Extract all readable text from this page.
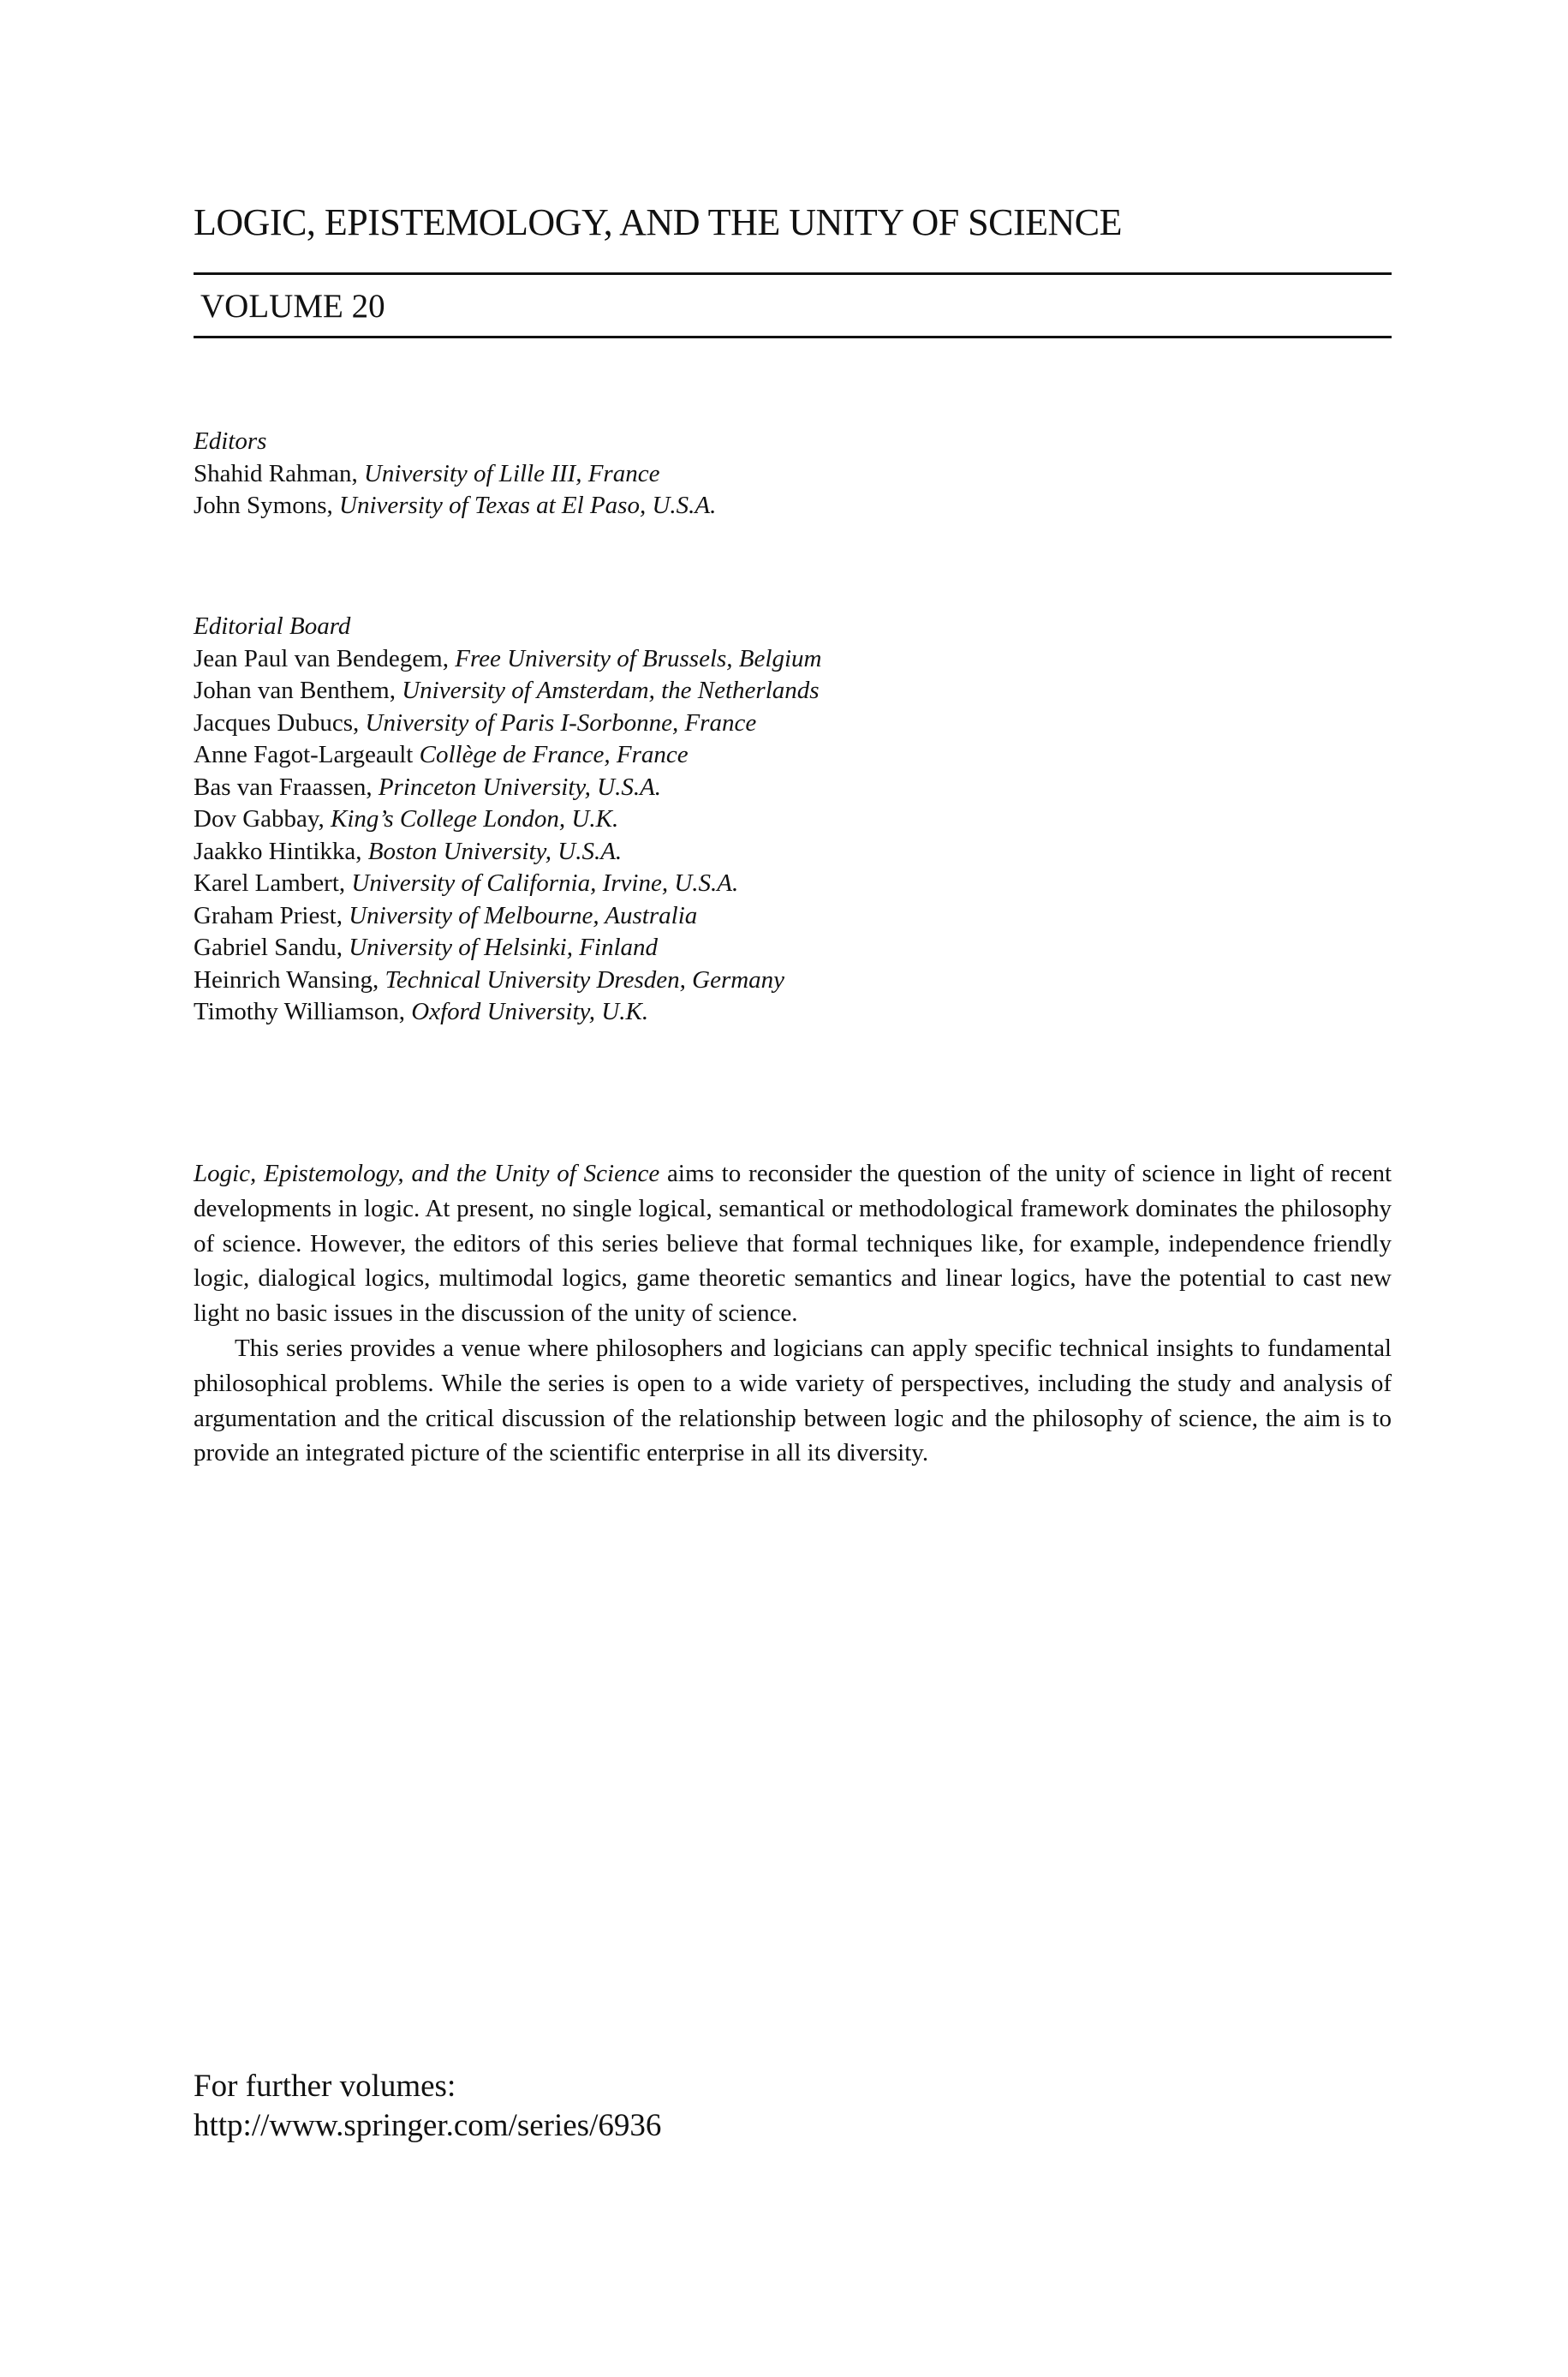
LOGIC, EPISTEMOLOGY, AND THE UNITY OF SCIENCE
VOLUME 20
Editors
Shahid Rahman, University of Lille III, France
John Symons, University of Texas at El Paso, U.S.A.
Editorial Board
Jean Paul van Bendegem, Free University of Brussels, Belgium
Johan van Benthem, University of Amsterdam, the Netherlands
Jacques Dubucs, University of Paris I-Sorbonne, France
Anne Fagot-Largeault Collège de France, France
Bas van Fraassen, Princeton University, U.S.A.
Dov Gabbay, King’s College London, U.K.
Jaakko Hintikka, Boston University, U.S.A.
Karel Lambert, University of California, Irvine, U.S.A.
Graham Priest, University of Melbourne, Australia
Gabriel Sandu, University of Helsinki, Finland
Heinrich Wansing, Technical University Dresden, Germany
Timothy Williamson, Oxford University, U.K.

Logic, Epistemology, and the Unity of Science aims to reconsider the question of the unity of science in light of recent developments in logic. At present, no single logical, semantical or methodological framework dominates the philosophy of science. However, the editors of this series believe that formal techniques like, for example, independence friendly logic, dialogical logics, multimodal logics, game theoretic semantics and linear logics, have the potential to cast new light no basic issues in the discussion of the unity of science.

This series provides a venue where philosophers and logicians can apply specific technical insights to fundamental philosophical problems. While the series is open to a wide variety of perspectives, including the study and analysis of argumentation and the critical discussion of the relationship between logic and the philosophy of science, the aim is to provide an integrated picture of the scientific enterprise in all its diversity.

For further volumes:
http://www.springer.com/series/6936
